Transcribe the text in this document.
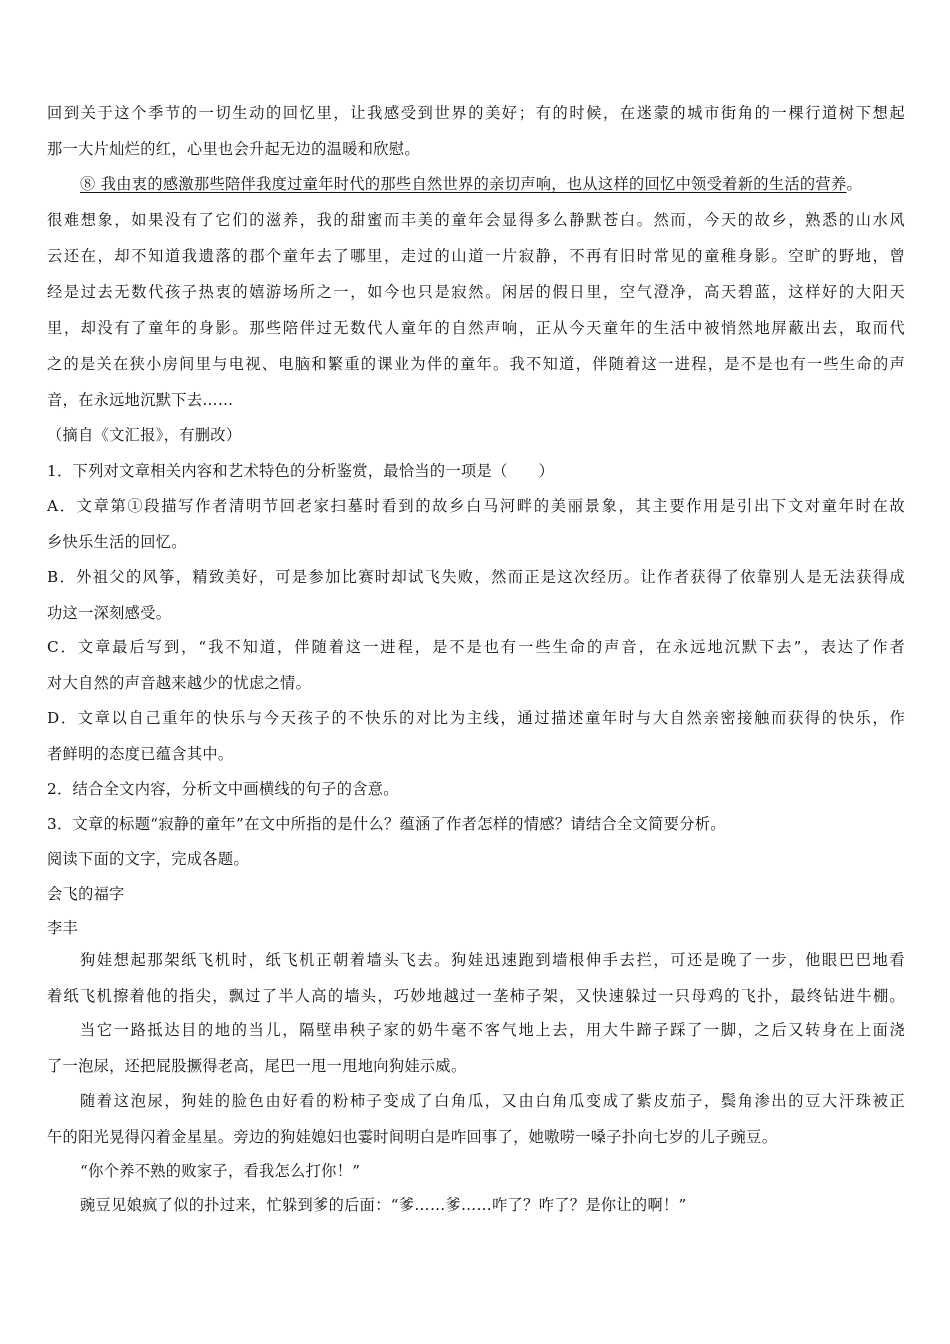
回到关于这个季节的一切生动的回忆里，让我感受到世界的美好；有的时候，在迷蒙的城市街角的一棵行道树下想起
那一大片灿烂的红，心里也会升起无边的温暖和欣慰。
⑧ 我由衷的感激那些陪伴我度过童年时代的那些自然世界的亲切声响，也从这样的回忆中领受着新的生活的营养。
很难想象，如果没有了它们的滋养，我的甜蜜而丰美的童年会显得多么静默苍白。然而，今天的故乡，熟悉的山水风
云还在，却不知道我遗落的郡个童年去了哪里，走过的山道一片寂静，不再有旧时常见的童稚身影。空旷的野地，曾
经是过去无数代孩子热衷的嬉游场所之一，如今也只是寂然。闲居的假日里，空气澄净，高天碧蓝，这样好的大阳天
里，却没有了童年的身影。那些陪伴过无数代人童年的自然声响，正从今天童年的生活中被悄然地屏蔽出去，取而代
之的是关在狭小房间里与电视、电脑和繁重的课业为伴的童年。我不知道，伴随着这一进程，是不是也有一些生命的声
音，在永远地沉默下去……
（摘自《文汇报》，有删改）
1．下列对文章相关内容和艺术特色的分析鉴赏，最恰当的一项是（　　）
A．文章第①段描写作者清明节回老家扫墓时看到的故乡白马河畔的美丽景象，其主要作用是引出下文对童年时在故
乡快乐生活的回忆。
B．外祖父的风筝，精致美好，可是参加比赛时却试飞失败，然而正是这次经历。让作者获得了依靠别人是无法获得成
功这一深刻感受。
C．文章最后写到，“我不知道，伴随着这一进程，是不是也有一些生命的声音，在永远地沉默下去”，表达了作者
对大自然的声音越来越少的忧虑之情。
D．文章以自己重年的快乐与今天孩子的不快乐的对比为主线，通过描述童年时与大自然亲密接触而获得的快乐，作
者鲜明的态度已蕴含其中。
2．结合全文内容，分析文中画横线的句子的含意。
3．文章的标题“寂静的童年”在文中所指的是什么？蕴涵了作者怎样的情感？请结合全文简要分析。
阅读下面的文字，完成各题。
会飞的福字
李丰
狗娃想起那架纸飞机时，纸飞机正朝着墙头飞去。狗娃迅速跑到墙根伸手去拦，可还是晚了一步，他眼巴巴地看
着纸飞机擦着他的指尖，飘过了半人高的墙头，巧妙地越过一垄柿子架，又快速躲过一只母鸡的飞扑，最终钻进牛棚。
当它一路抵达目的地的当儿，隔壁串秧子家的奶牛毫不客气地上去，用大牛蹄子踩了一脚，之后又转身在上面浇
了一泡尿，还把屁股撅得老高，尾巴一甩一甩地向狗娃示威。
随着这泡尿，狗娃的脸色由好看的粉柿子变成了白角瓜，又由白角瓜变成了紫皮茄子，鬓角渗出的豆大汗珠被正
午的阳光晃得闪着金星星。旁边的狗娃媳妇也霎时间明白是咋回事了，她嗷唠一嗓子扑向七岁的儿子豌豆。
“你个养不熟的败家子，看我怎么打你！”
豌豆见娘疯了似的扑过来，忙躲到爹的后面：“爹……爹……咋了？咋了？是你让的啊！”
